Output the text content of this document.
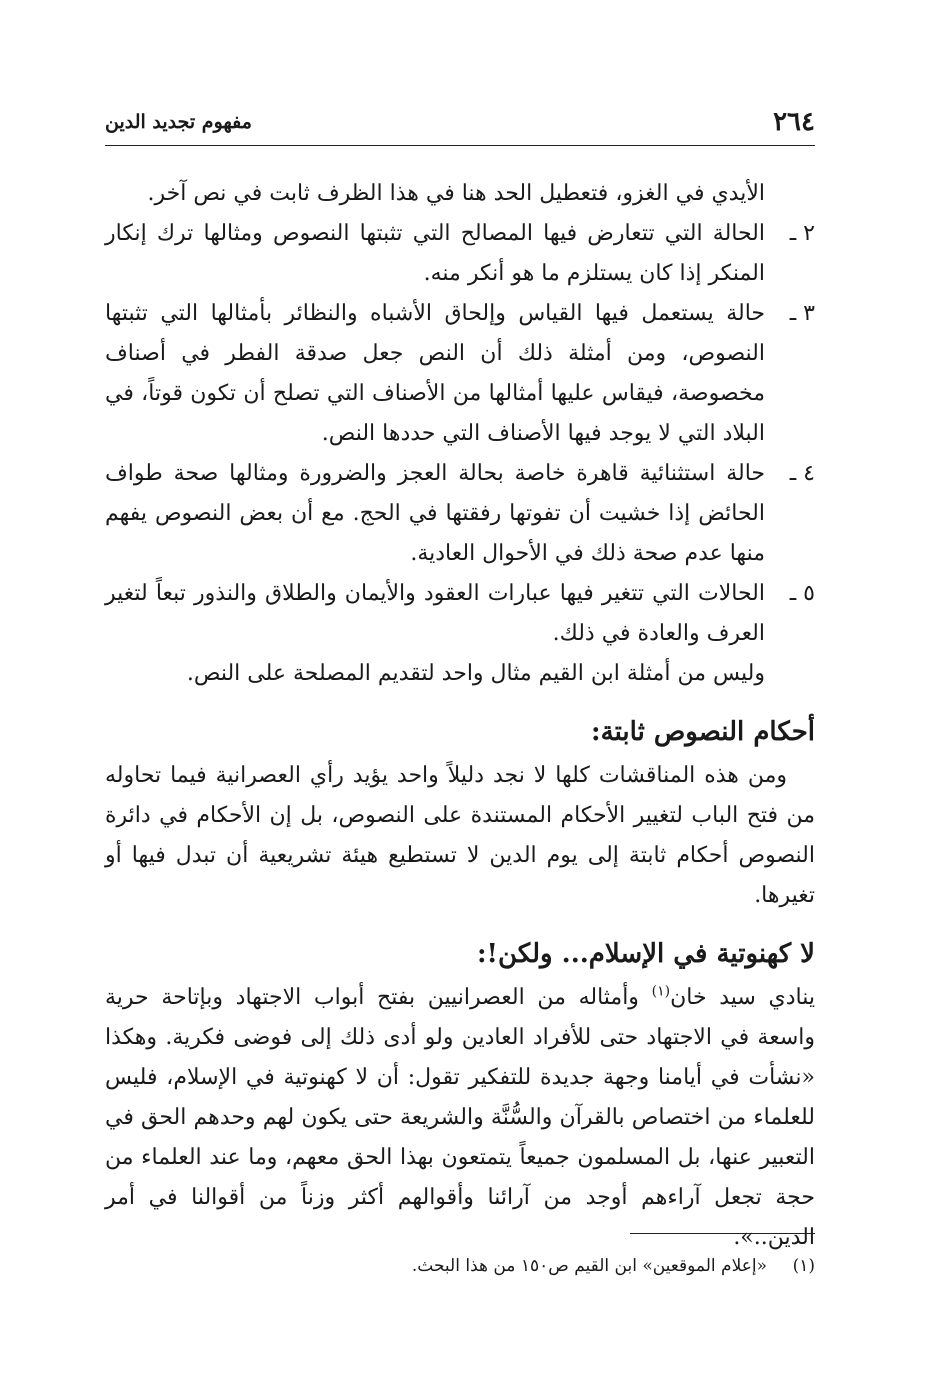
٢٦٤
مفهوم تجديد الدين

الأيدي في الغزو، فتعطيل الحد هنا في هذا الظرف ثابت في نص آخر.

٢ ـ
الحالة التي تتعارض فيها المصالح التي تثبتها النصوص ومثالها ترك إنكار المنكر إذا كان يستلزم ما هو أنكر منه.
٣ ـ
حالة يستعمل فيها القياس وإلحاق الأشباه والنظائر بأمثالها التي تثبتها النصوص، ومن أمثلة ذلك أن النص جعل صدقة الفطر في أصناف مخصوصة، فيقاس عليها أمثالها من الأصناف التي تصلح أن تكون قوتاً، في البلاد التي لا يوجد فيها الأصناف التي حددها النص.
٤ ـ
حالة استثنائية قاهرة خاصة بحالة العجز والضرورة ومثالها صحة طواف الحائض إذا خشيت أن تفوتها رفقتها في الحج. مع أن بعض النصوص يفهم منها عدم صحة ذلك في الأحوال العادية.
٥ ـ
الحالات التي تتغير فيها عبارات العقود والأيمان والطلاق والنذور تبعاً لتغير العرف والعادة في ذلك.

وليس من أمثلة ابن القيم مثال واحد لتقديم المصلحة على النص.

أحكام النصوص ثابتة:

ومن هذه المناقشات كلها لا نجد دليلاً واحد يؤيد رأي العصرانية فيما تحاوله من فتح الباب لتغيير الأحكام المستندة على النصوص، بل إن الأحكام في دائرة النصوص أحكام ثابتة إلى يوم الدين لا تستطيع هيئة تشريعية أن تبدل فيها أو تغيرها.

لا كهنوتية في الإسلام... ولكن!:

ينادي سيد خان$^{(١)}$ وأمثاله من العصرانيين بفتح أبواب الاجتهاد وبإتاحة حرية واسعة في الاجتهاد حتى للأفراد العادين ولو أدى ذلك إلى فوضى فكرية. وهكذا «نشأت في أيامنا وجهة جديدة للتفكير تقول: أن لا كهنوتية في الإسلام، فليس للعلماء من اختصاص بالقرآن والسُّنَّة والشريعة حتى يكون لهم وحدهم الحق في التعبير عنها، بل المسلمون جميعاً يتمتعون بهذا الحق معهم، وما عند العلماء من حجة تجعل آراءهم أوجد من آرائنا وأقوالهم أكثر وزناً من أقوالنا في أمر الدين..».

(١)
«إعلام الموقعين» ابن القيم ص١٥٠ من هذا البحث.
